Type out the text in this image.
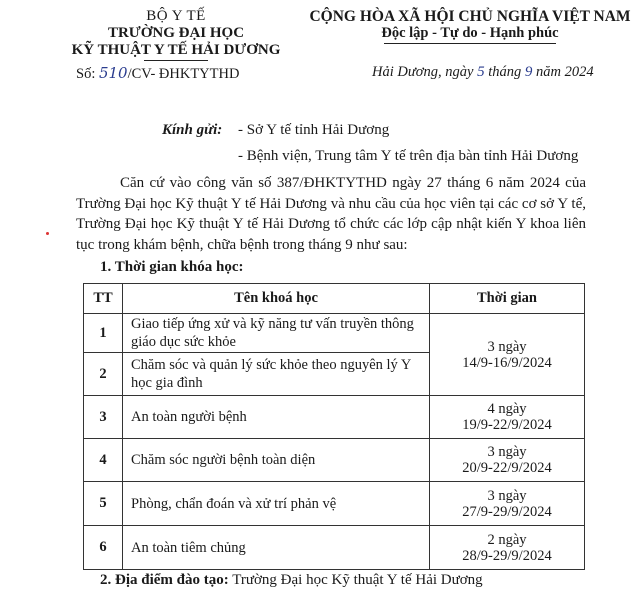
BỘ Y TẾ
TRƯỜNG ĐẠI HỌC
KỸ THUẬT Y TẾ HẢI DƯƠNG
CỘNG HÒA XÃ HỘI CHỦ NGHĨA VIỆT NAM
Độc lập - Tự do - Hạnh phúc
Số: 510/CV- ĐHKTYTHD	Hải Dương, ngày 5 tháng 9 năm 2024
Kính gửi: - Sở Y tế tỉnh Hải Dương
- Bệnh viện, Trung tâm Y tế trên địa bàn tỉnh Hải Dương
Căn cứ vào công văn số 387/ĐHKTYTHD ngày 27 tháng 6 năm 2024 của Trường Đại học Kỹ thuật Y tế Hải Dương và nhu cầu của học viên tại các cơ sở Y tế, Trường Đại học Kỹ thuật Y tế Hải Dương tổ chức các lớp cập nhật kiến Y khoa liên tục trong khám bệnh, chữa bệnh trong tháng 9 như sau:
1. Thời gian khóa học:
TT	Tên khoá học	Thời gian
1	Giao tiếp ứng xử và kỹ năng tư vấn truyền thông giáo dục sức khỏe	3 ngày
14/9-16/9/2024

2	Chăm sóc và quản lý sức khỏe theo nguyên lý Y học gia đình	
3	An toàn người bệnh	4 ngày
19/9-22/9/2024

4	Chăm sóc người bệnh toàn diện	3 ngày
20/9-22/9/2024

5	Phòng, chẩn đoán và xử trí phản vệ	3 ngày
27/9-29/9/2024

6	An toàn tiêm chủng	2 ngày
28/9-29/9/2024
2. Địa điểm đào tạo: Trường Đại học Kỹ thuật Y tế Hải Dương
